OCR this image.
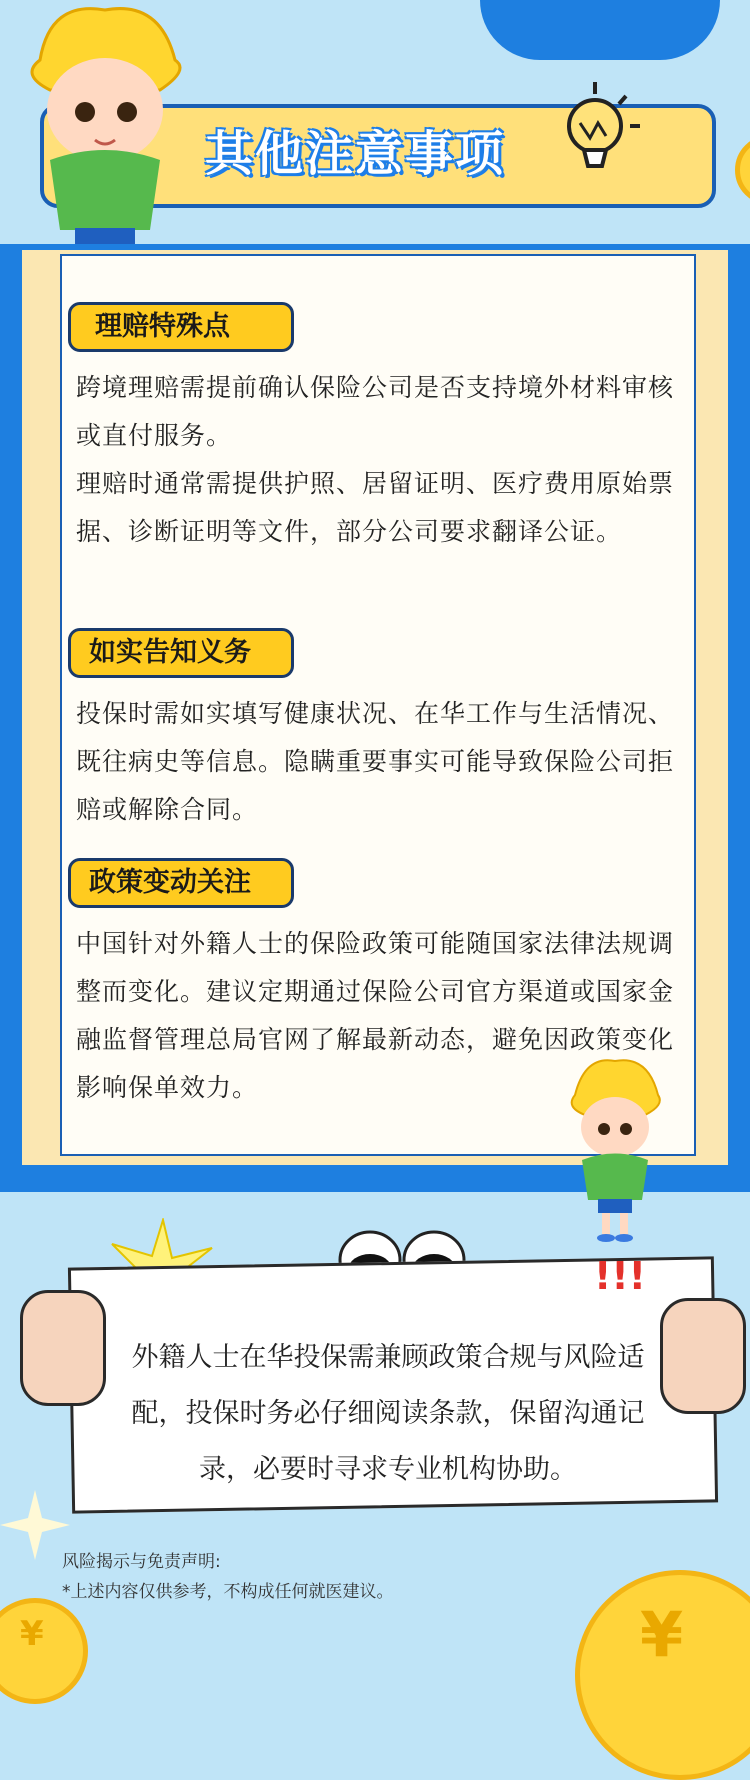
其他注意事项
理赔特殊点
跨境理赔需提前确认保险公司是否支持境外材料审核或直付服务。
理赔时通常需提供护照、居留证明、医疗费用原始票据、诊断证明等文件，部分公司要求翻译公证。
如实告知义务
投保时需如实填写健康状况、在华工作与生活情况、既往病史等信息。隐瞒重要事实可能导致保险公司拒赔或解除合同。
政策变动关注
中国针对外籍人士的保险政策可能随国家法律法规调整而变化。建议定期通过保险公司官方渠道或国家金融监督管理总局官网了解最新动态，避免因政策变化影响保单效力。
!!!
外籍人士在华投保需兼顾政策合规与风险适配，投保时务必仔细阅读条款，保留沟通记录，必要时寻求专业机构协助。
风险揭示与免责声明:
*上述内容仅供参考，不构成任何就医建议。
¥	¥
